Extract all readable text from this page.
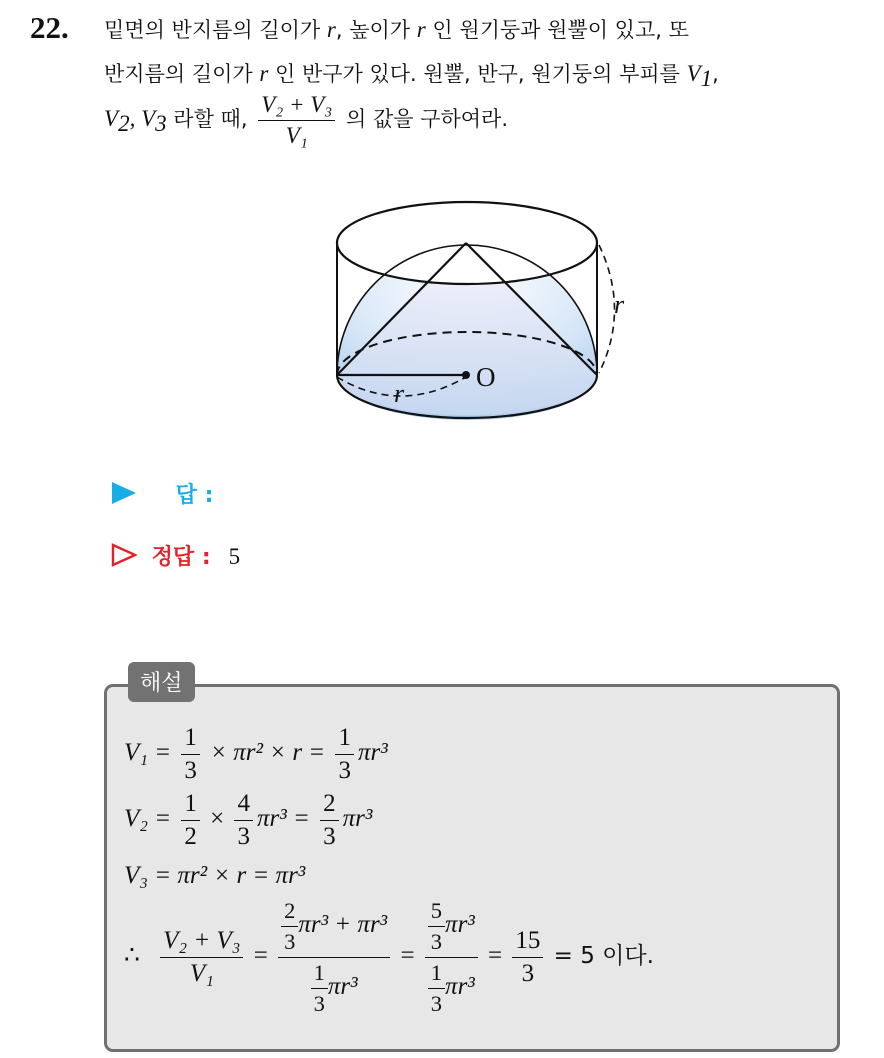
22. 밑면의 반지름의 길이가 r, 높이가 r 인 원기둥과 원뿔이 있고, 또
반지름의 길이가 r 인 반구가 있다. 원뿔, 반구, 원기둥의 부피를 $V_1$,
$V_2$, $V_3$ 라할 때, $\frac{\text{V₂ + V₃}}{\text{V₁}}$ 의 값을 구하여라.
r
r
O
답 :
정답 : 5
해설
$V_1 = \frac{1}{3} \times \pi r^2 \times r = \frac{1}{3} \pi r^3$
$V_2 = \frac{1}{2} \times \frac{4}{3} \pi r^3 = \frac{2}{3} \pi r^3$
V₃ = πr² × r = πr³
∴ $\frac{\text{V₂ + V₃}}{\text{V₁}} = \frac{\frac{2}{3} \pi r^3 + \pi r^3}{\frac{1}{3} \pi r^3} = \frac{\frac{5}{3} \pi r^3}{\frac{1}{3} \pi r^3} = \frac{15}{3} = 5$ 이다.
